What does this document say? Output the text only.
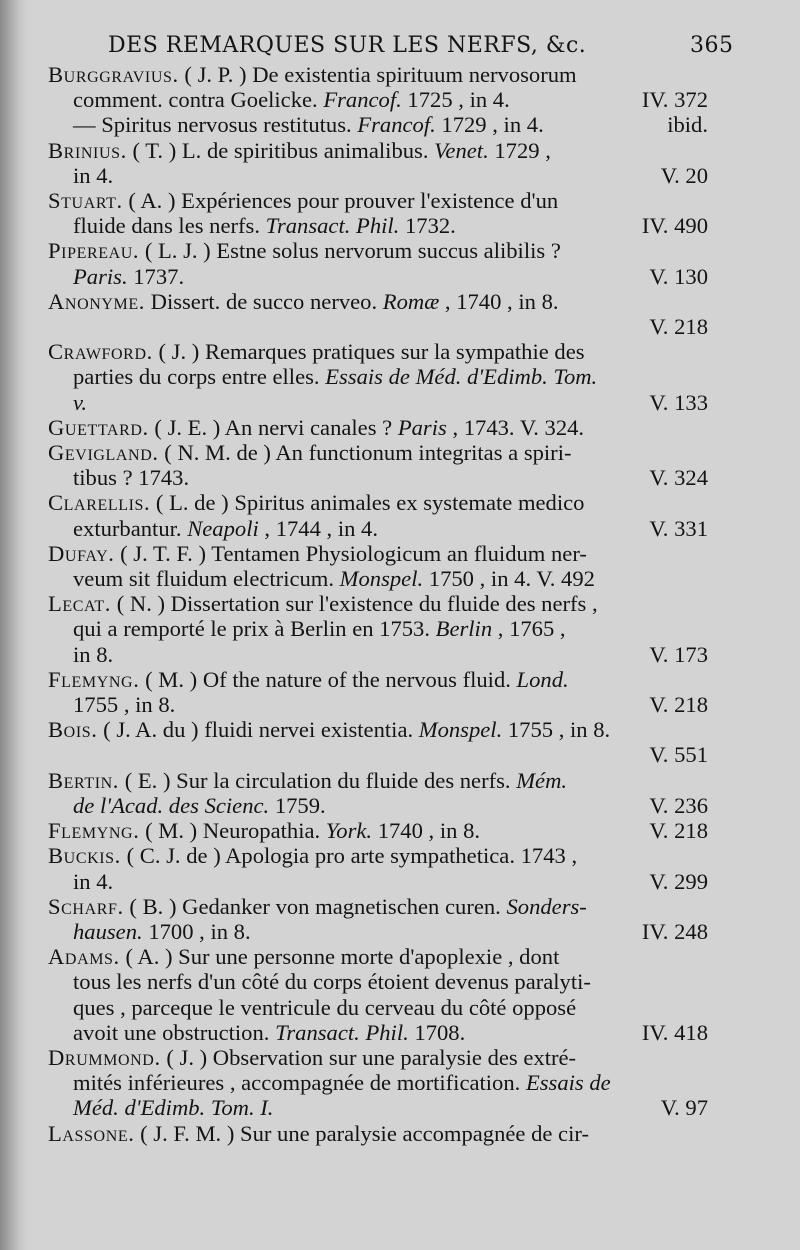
DES REMARQUES SUR LES NERFS, &c.	365
Burggravius. ( J. P. ) De existentia spirituum nervosorum
comment. contra Goelicke. Francof. 1725 , in 4.	IV. 372
— Spiritus nervosus restitutus. Francof. 1729 , in 4.	ibid.
Brinius. ( T. ) L. de spiritibus animalibus. Venet. 1729 ,
in 4.	V. 20
Stuart. ( A. ) Expériences pour prouver l'existence d'un
fluide dans les nerfs. Transact. Phil. 1732.	IV. 490
Pipereau. ( L. J. ) Estne solus nervorum succus alibilis ?
Paris. 1737.	V. 130
Anonyme. Dissert. de succo nerveo. Romæ , 1740 , in 8.
V. 218
Crawford. ( J. ) Remarques pratiques sur la sympathie des
parties du corps entre elles. Essais de Méd. d'Edimb. Tom.
v.	V. 133
Guettard. ( J. E. ) An nervi canales ? Paris , 1743. V. 324.
Gevigland. ( N. M. de ) An functionum integritas a spiri-
tibus ? 1743.	V. 324
Clarellis. ( L. de ) Spiritus animales ex systemate medico
exturbantur. Neapoli , 1744 , in 4.	V. 331
Dufay. ( J. T. F. ) Tentamen Physiologicum an fluidum ner-
veum sit fluidum electricum. Monspel. 1750 , in 4. V. 492
Lecat. ( N. ) Dissertation sur l'existence du fluide des nerfs ,
qui a remporté le prix à Berlin en 1753. Berlin , 1765 ,
in 8.	V. 173
Flemyng. ( M. ) Of the nature of the nervous fluid. Lond.
1755 , in 8.	V. 218
Bois. ( J. A. du ) fluidi nervei existentia. Monspel. 1755 , in 8.
V. 551
Bertin. ( E. ) Sur la circulation du fluide des nerfs. Mém.
de l'Acad. des Scienc. 1759.	V. 236
Flemyng. ( M. ) Neuropathia. York. 1740 , in 8.	V. 218
Buckis. ( C. J. de ) Apologia pro arte sympathetica. 1743 ,
in 4.	V. 299
Scharf. ( B. ) Gedanker von magnetischen curen. Sonders-
hausen. 1700 , in 8.	IV. 248
Adams. ( A. ) Sur une personne morte d'apoplexie , dont
tous les nerfs d'un côté du corps étoient devenus paralyti-
ques , parceque le ventricule du cerveau du côté opposé
avoit une obstruction. Transact. Phil. 1708.	IV. 418
Drummond. ( J. ) Observation sur une paralysie des extré-
mités inférieures , accompagnée de mortification. Essais de
Méd. d'Edimb. Tom. I.	V. 97
Lassone. ( J. F. M. ) Sur une paralysie accompagnée de cir-
